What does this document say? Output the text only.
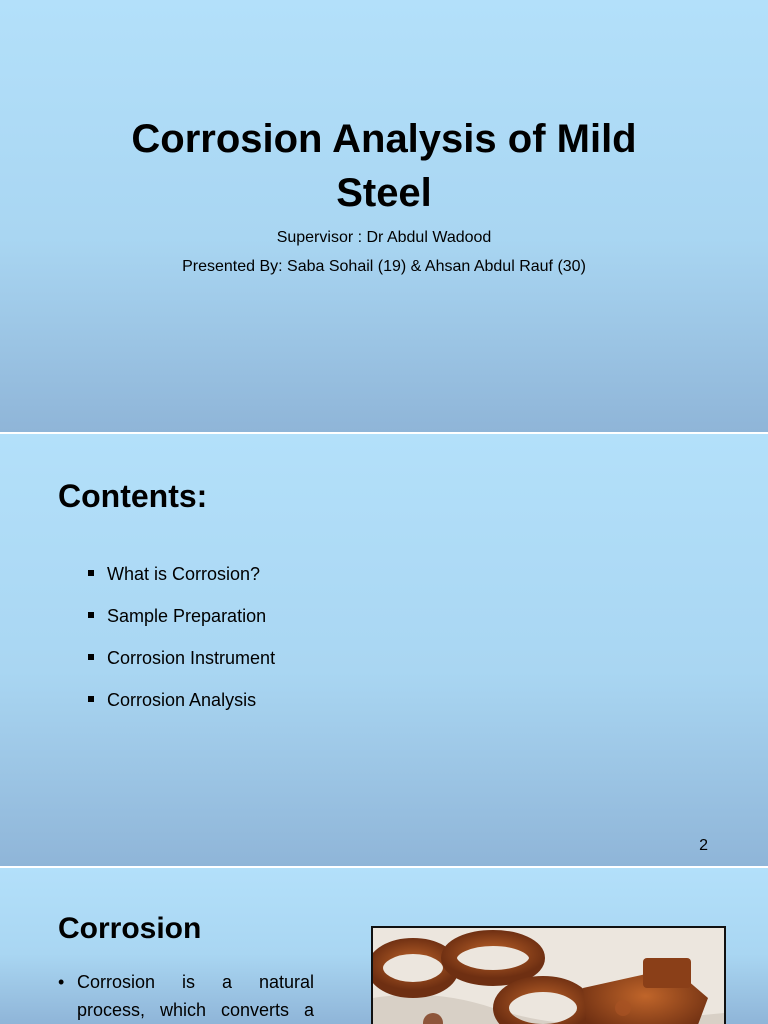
Corrosion Analysis of Mild
Steel
Supervisor : Dr Abdul Wadood
Presented By: Saba Sohail (19) & Ahsan Abdul Rauf (30)
Contents:
What is Corrosion?
Sample Preparation
Corrosion Instrument
Corrosion Analysis
2
Corrosion
• Corrosion is a natural
process, which converts a
